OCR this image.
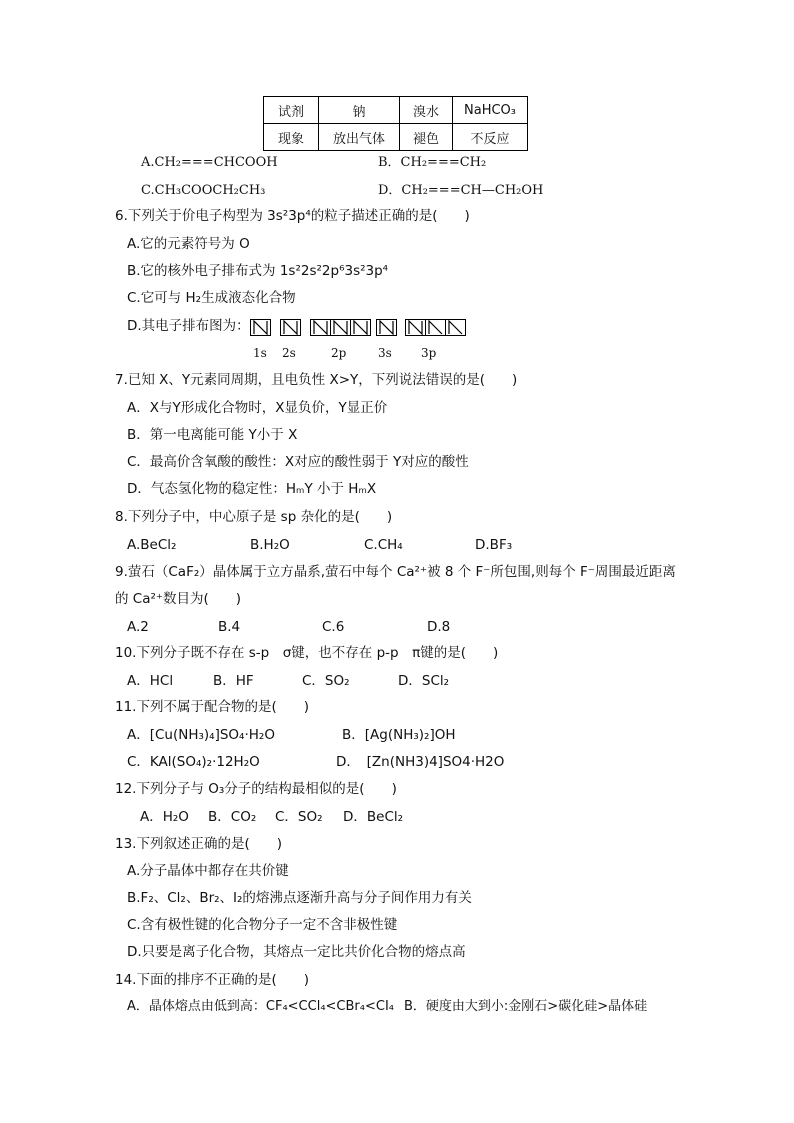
试剂	钠	溴水	NaHCO₃
现象	放出气体	褪色	不反应
A.CH₂===CHCOOH	B．CH₂===CH₂
C.CH₃COOCH₂CH₃	D．CH₂===CH—CH₂OH
6.下列关于价电子构型为 3s²3p⁴的粒子描述正确的是(　　)
A.它的元素符号为 O
B.它的核外电子排布式为 1s²2s²2p⁶3s²3p⁴
C.它可与 H₂生成液态化合物
D.其电子排布图为：
1s 2s	2p	3s 3p
7.已知 X、Y元素同周期，且电负性 X>Y，下列说法错误的是(　　)
A．X与Y形成化合物时，X显负价，Y显正价
B．第一电离能可能 Y小于 X
C．最高价含氧酸的酸性：X对应的酸性弱于 Y对应的酸性
D．气态氢化物的稳定性：HₘY 小于 HₘX
8.下列分子中，中心原子是 sp 杂化的是(　　)
A.BeCl₂	B.H₂O	C.CH₄	D.BF₃
9.萤石（CaF₂）晶体属于立方晶系,萤石中每个 Ca²⁺被 8 个 F⁻所包围,则每个 F⁻周围最近距离
的 Ca²⁺数目为(　　)
A.2	B.4	C.6	D.8
10.下列分子既不存在 s-p　σ键，也不存在 p-p　π键的是(　　)
A．HCl	B．HF	C．SO₂	D．SCl₂
11.下列不属于配合物的是(　　)
A．[Cu(NH₃)₄]SO₄·H₂O	B．[Ag(NH₃)₂]OH
C．KAl(SO₄)₂·12H₂O	D．　[Zn(NH3)4]SO4·H2O
12.下列分子与 O₃分子的结构最相似的是(　　)
A．H₂O B．CO₂ C．SO₂ D．BeCl₂
13.下列叙述正确的是(　　)
A.分子晶体中都存在共价键
B.F₂、Cl₂、Br₂、I₂的熔沸点逐渐升高与分子间作用力有关
C.含有极性键的化合物分子一定不含非极性键
D.只要是离子化合物，其熔点一定比共价化合物的熔点高
14.下面的排序不正确的是(　　)
A．晶体熔点由低到高：CF₄<CCl₄<CBr₄<CI₄ B．硬度由大到小:金刚石>碳化硅>晶体硅
